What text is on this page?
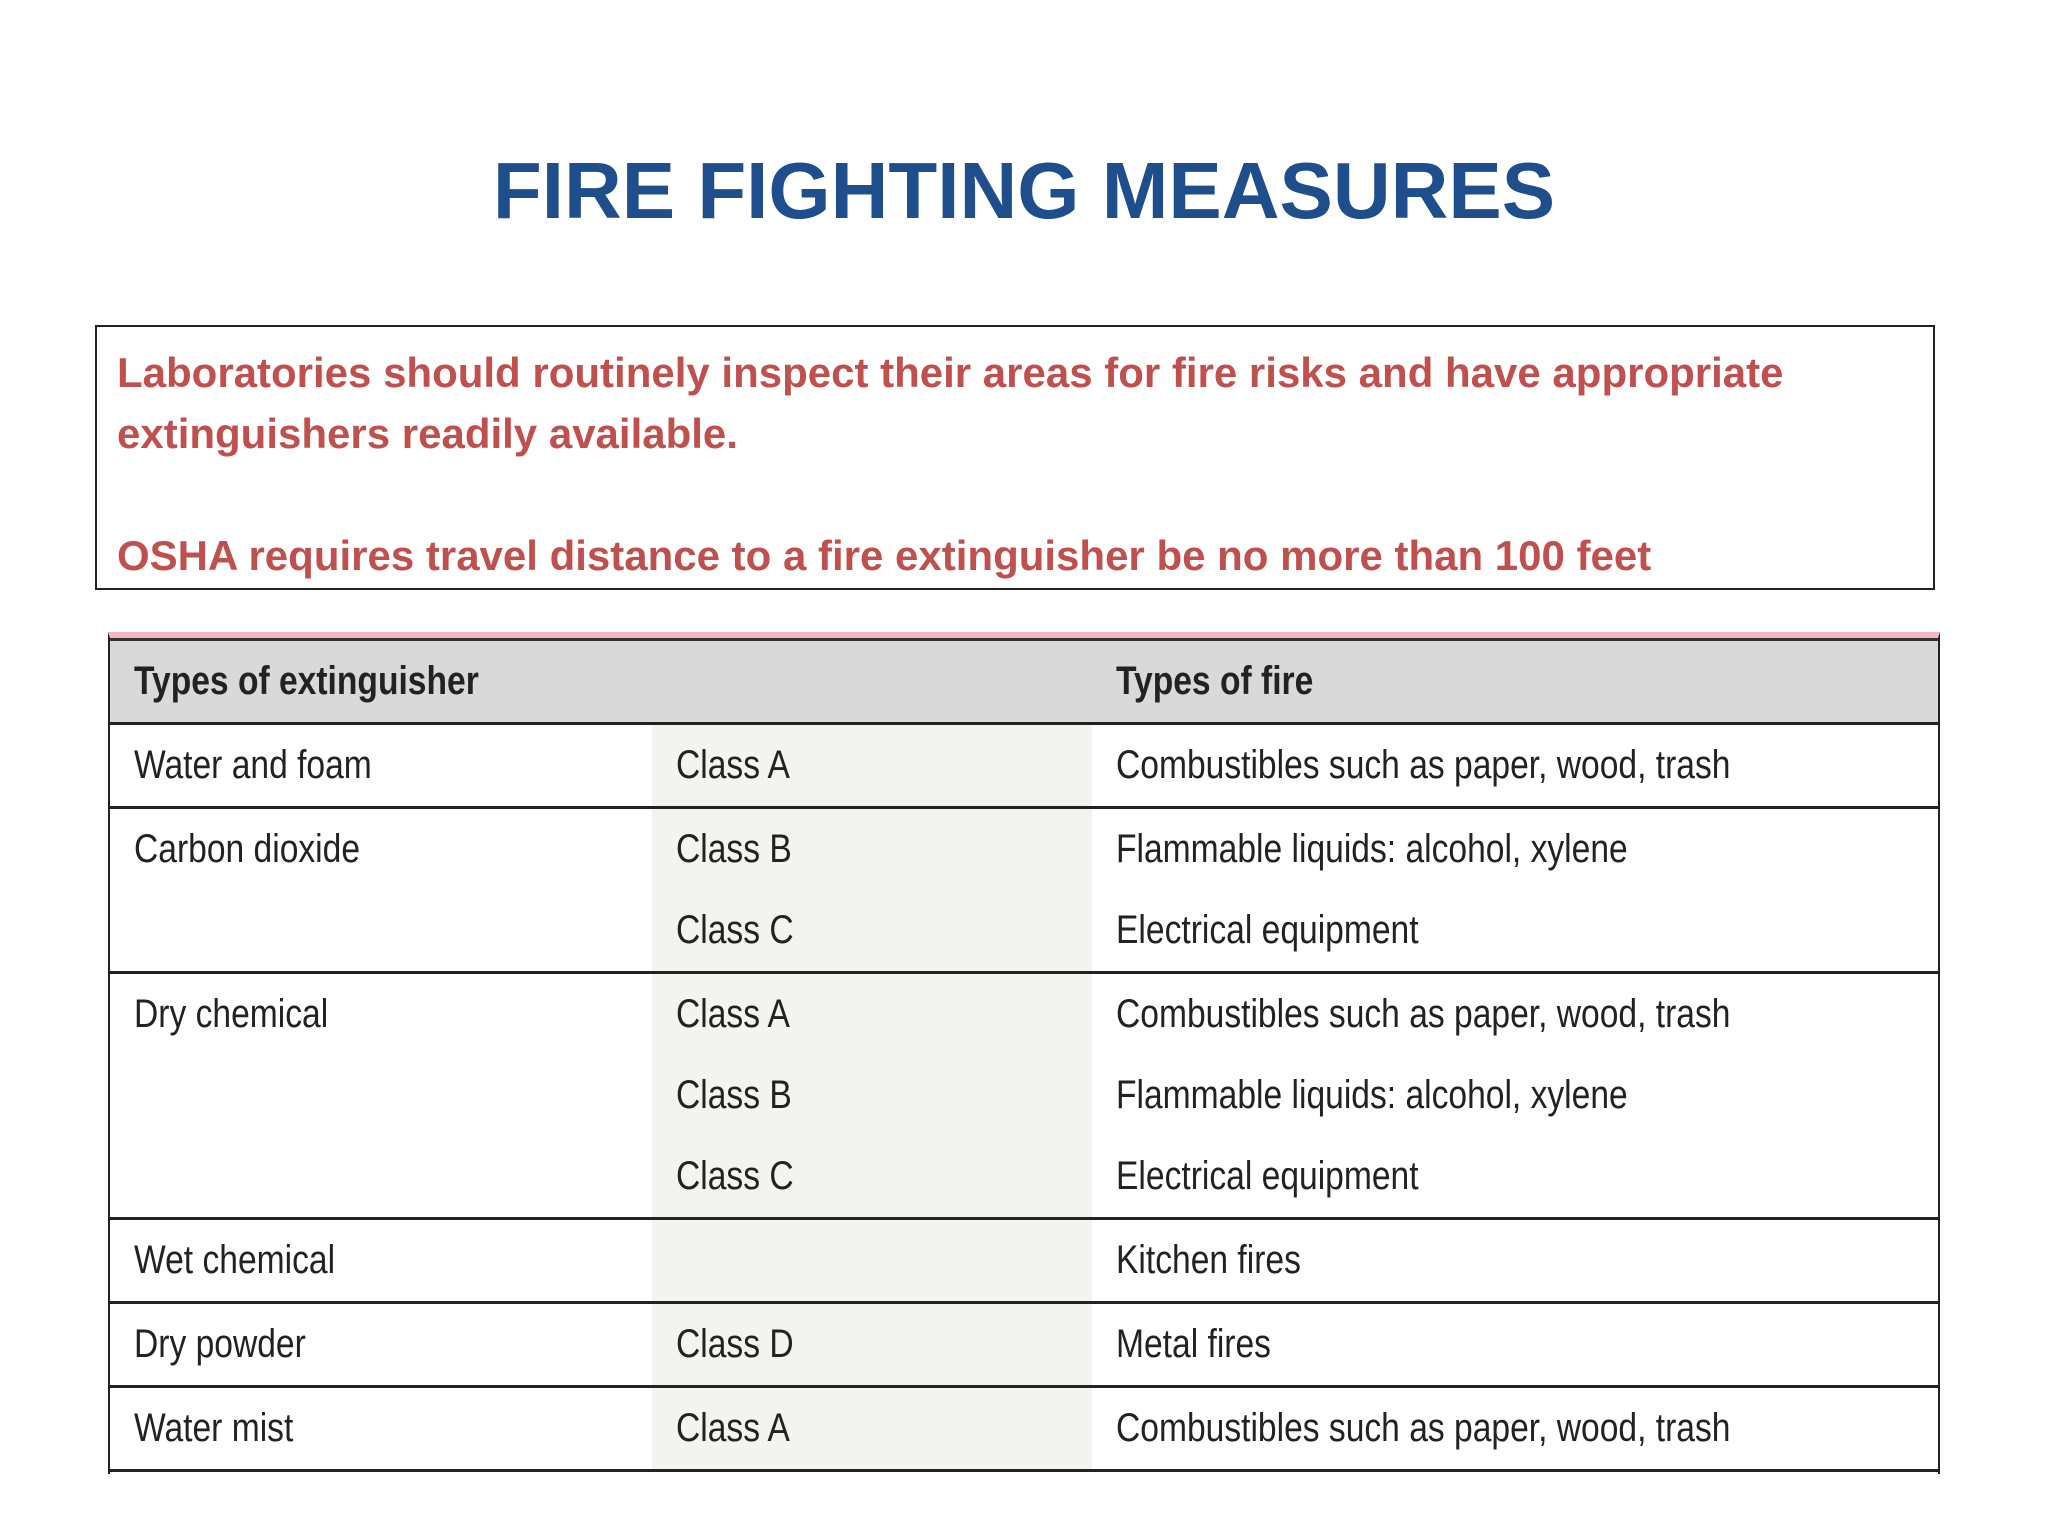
FIRE FIGHTING MEASURES

Laboratories should routinely inspect their areas for fire risks and have appropriate extinguishers readily available.

OSHA requires travel distance to a fire extinguisher be no more than 100 feet

Types of extinguisher		Types of fire
Water and foam	Class A	Combustibles such as paper, wood, trash
Carbon dioxide	Class B	Flammable liquids: alcohol, xylene
	Class C	Electrical equipment
Dry chemical	Class A	Combustibles such as paper, wood, trash
	Class B	Flammable liquids: alcohol, xylene
	Class C	Electrical equipment
Wet chemical		Kitchen fires
Dry powder	Class D	Metal fires
Water mist	Class A	Combustibles such as paper, wood, trash
